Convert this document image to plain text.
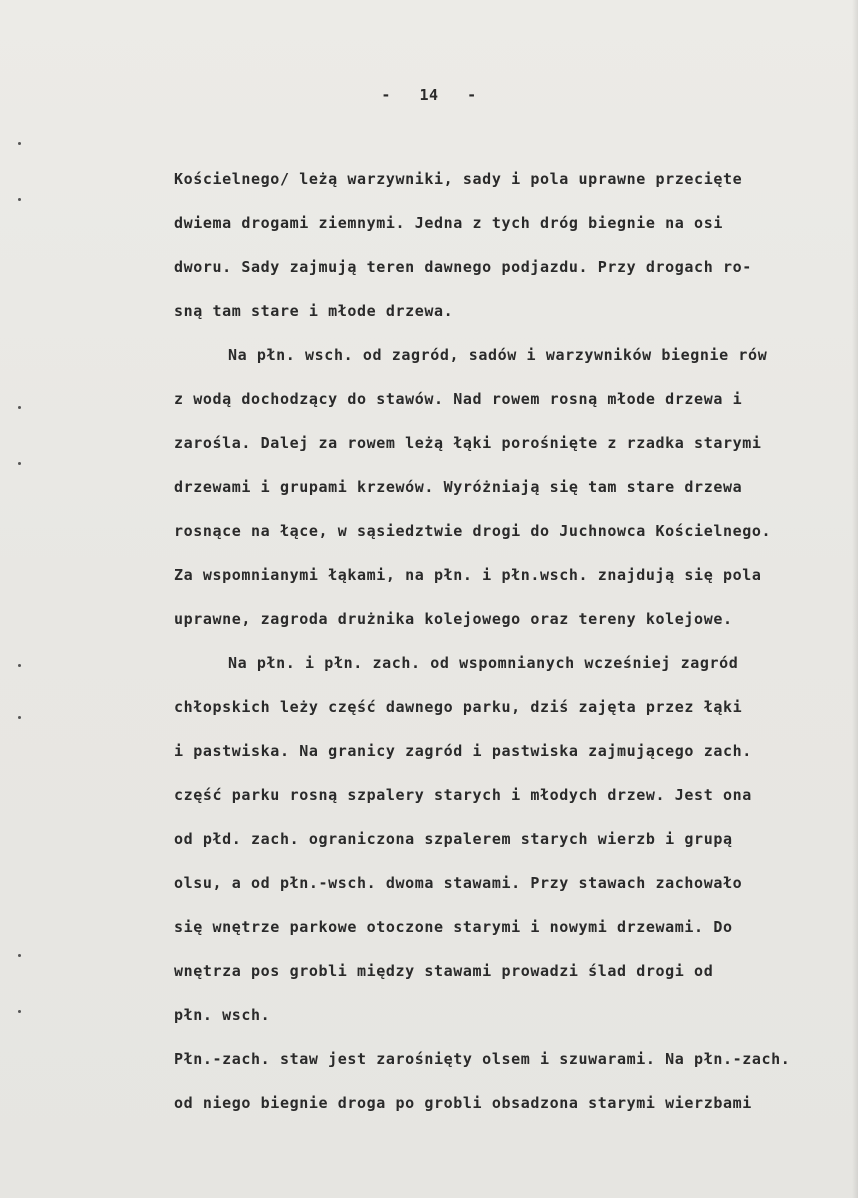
-   14   -
Kościelnego/ leżą warzywniki, sady i pola uprawne przecięte
dwiema drogami ziemnymi. Jedna z tych dróg biegnie na osi
dworu. Sady zajmują teren dawnego podjazdu. Przy drogach ro-
sną tam stare i młode drzewa.
Na płn. wsch. od zagród, sadów i warzywników biegnie rów
z wodą dochodzący do stawów. Nad rowem rosną młode drzewa i
zarośla. Dalej za rowem leżą łąki porośnięte z rzadka starymi
drzewami i grupami krzewów. Wyróżniają się tam stare drzewa
rosnące na łące, w sąsiedztwie drogi do Juchnowca Kościelnego.
Za wspomnianymi łąkami, na płn. i płn.wsch. znajdują się pola
uprawne, zagroda drużnika kolejowego oraz tereny kolejowe.
Na płn. i płn. zach. od wspomnianych wcześniej zagród
chłopskich leży część dawnego parku, dziś zajęta przez łąki
i pastwiska. Na granicy zagród i pastwiska zajmującego zach.
część parku rosną szpalery starych i młodych drzew. Jest ona
od płd. zach. ograniczona szpalerem starych wierzb i grupą
olsu, a od płn.-wsch. dwoma stawami. Przy stawach zachowało
się wnętrze parkowe otoczone starymi i nowymi drzewami. Do
wnętrza pos grobli między stawami prowadzi ślad drogi od
płn. wsch.
Płn.-zach. staw jest zarośnięty olsem i szuwarami. Na płn.-zach.
od niego biegnie droga po grobli obsadzona starymi wierzbami
